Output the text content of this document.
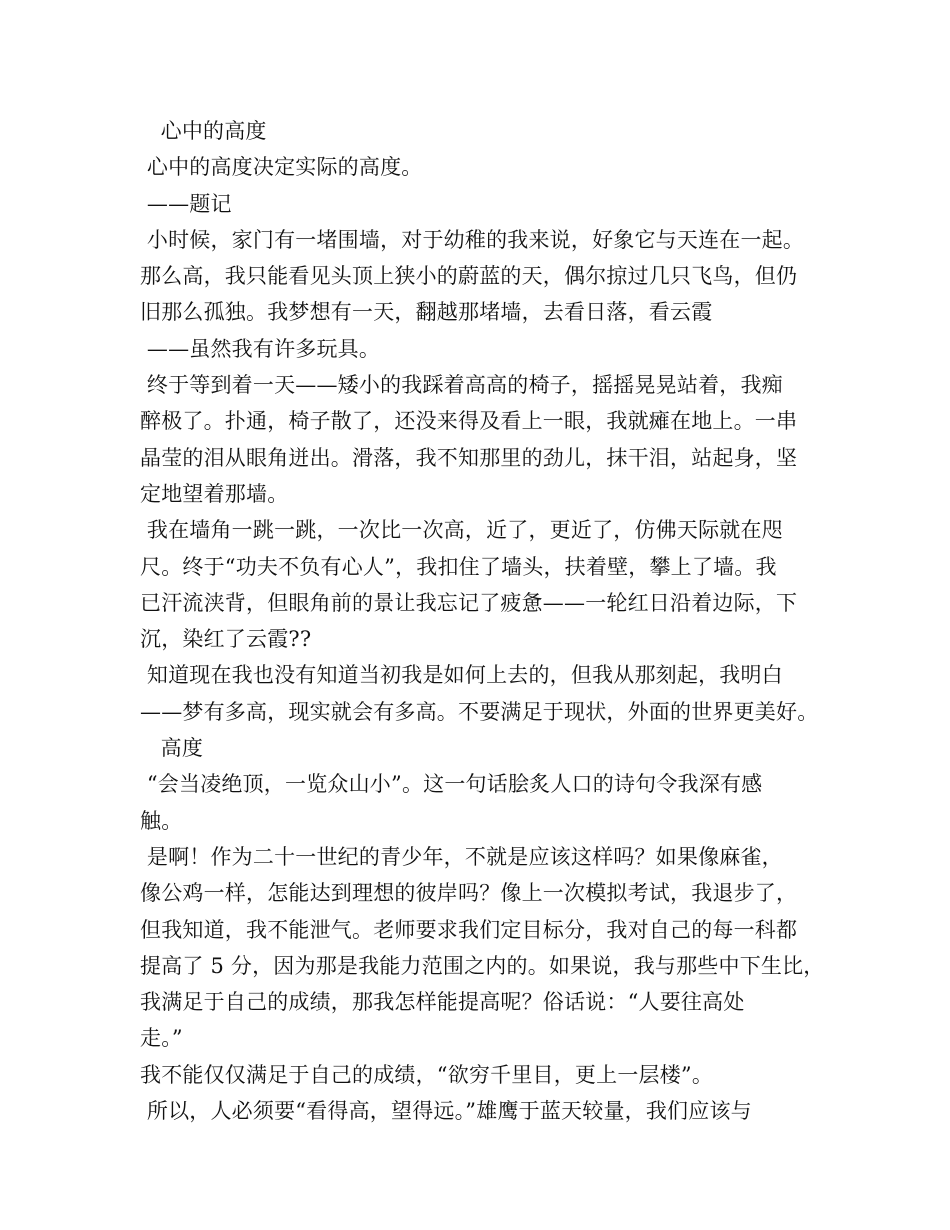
心中的高度
心中的高度决定实际的高度。
——题记
小时候，家门有一堵围墙，对于幼稚的我来说，好象它与天连在一起。
那么高，我只能看见头顶上狭小的蔚蓝的天，偶尔掠过几只飞鸟，但仍
旧那么孤独。我梦想有一天，翻越那堵墙，去看日落，看云霞
——虽然我有许多玩具。
终于等到着一天——矮小的我踩着高高的椅子，摇摇晃晃站着，我痴
醉极了。扑通，椅子散了，还没来得及看上一眼，我就瘫在地上。一串
晶莹的泪从眼角迸出。滑落，我不知那里的劲儿，抹干泪，站起身，坚
定地望着那墙。
我在墙角一跳一跳，一次比一次高，近了，更近了，仿佛天际就在咫
尺。终于“功夫不负有心人”，我扣住了墙头，扶着壁，攀上了墙。我
已汗流浃背，但眼角前的景让我忘记了疲惫——一轮红日沿着边际，下
沉，染红了云霞??
知道现在我也没有知道当初我是如何上去的，但我从那刻起，我明白
——梦有多高，现实就会有多高。不要满足于现状，外面的世界更美好。
高度
“会当凌绝顶，一览众山小”。这一句话脍炙人口的诗句令我深有感
触。
是啊！作为二十一世纪的青少年，不就是应该这样吗？如果像麻雀，
像公鸡一样，怎能达到理想的彼岸吗？像上一次模拟考试，我退步了，
但我知道，我不能泄气。老师要求我们定目标分，我对自己的每一科都
提高了 5 分，因为那是我能力范围之内的。如果说，我与那些中下生比，
我满足于自己的成绩，那我怎样能提高呢？俗话说：“人要往高处
走。”
我不能仅仅满足于自己的成绩，“欲穷千里目，更上一层楼”。
所以，人必须要“看得高，望得远。”雄鹰于蓝天较量，我们应该与
